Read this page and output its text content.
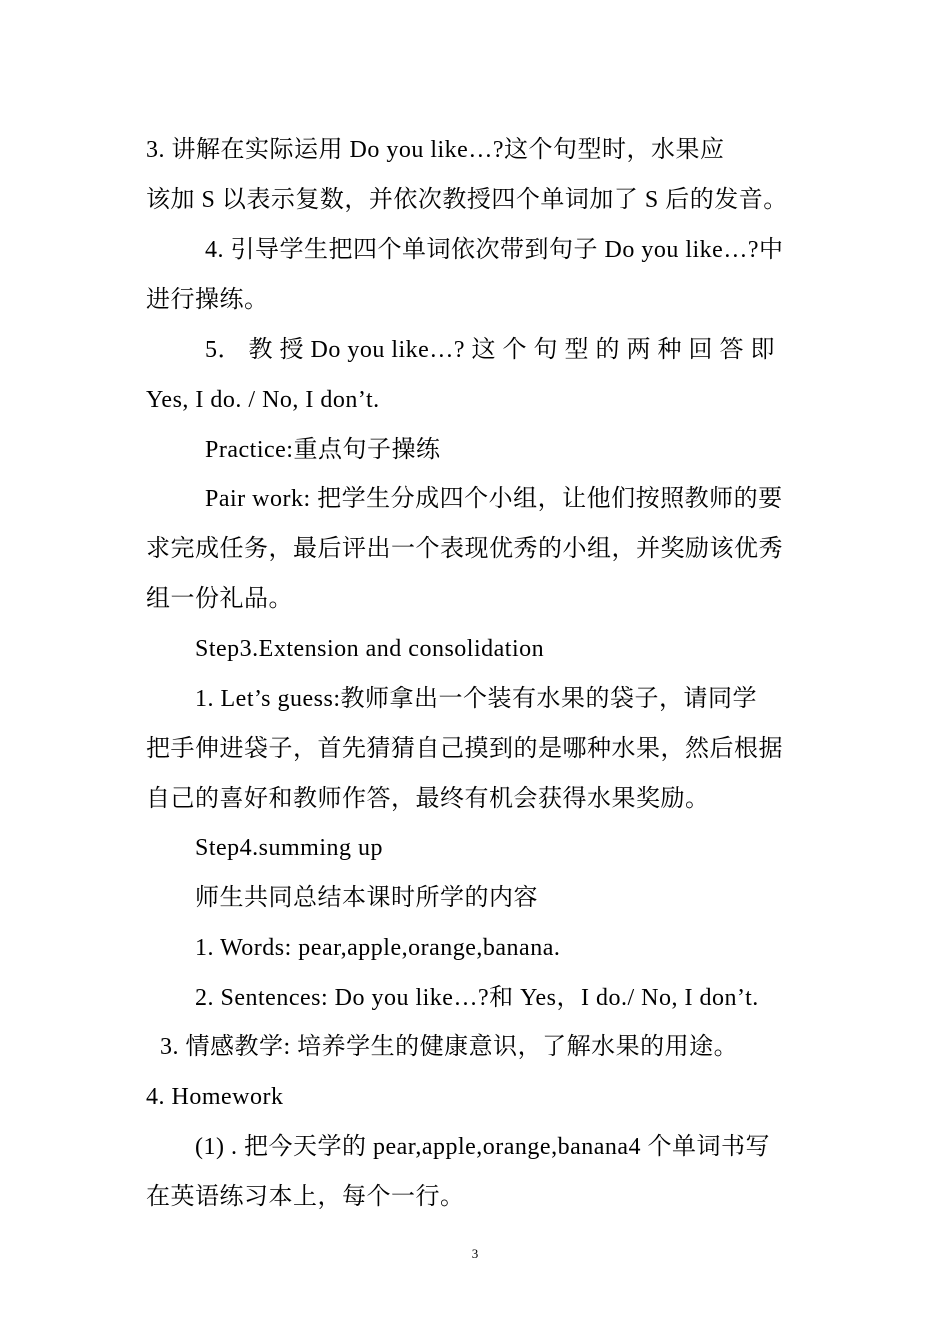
3. 讲解在实际运用 Do you like…?这个句型时，水果应
该加 S 以表示复数，并依次教授四个单词加了 S 后的发音。
4. 引导学生把四个单词依次带到句子 Do you like…?中
进行操练。
5． 教 授 Do you like…? 这 个 句 型 的 两 种 回 答 即
Yes, I do. / No, I don’t.
Practice:重点句子操练
Pair work: 把学生分成四个小组，让他们按照教师的要
求完成任务，最后评出一个表现优秀的小组，并奖励该优秀
组一份礼品。
Step3.Extension and consolidation
1. Let’s guess:教师拿出一个装有水果的袋子，请同学
把手伸进袋子，首先猜猜自己摸到的是哪种水果，然后根据
自己的喜好和教师作答，最终有机会获得水果奖励。
Step4.summing up
师生共同总结本课时所学的内容
1. Words: pear,apple,orange,banana.
2. Sentences: Do you like…?和 Yes，I do./ No, I don’t.
3. 情感教学: 培养学生的健康意识，了解水果的用途。
4. Homework
(1) . 把今天学的 pear,apple,orange,banana4 个单词书写
在英语练习本上，每个一行。
3
